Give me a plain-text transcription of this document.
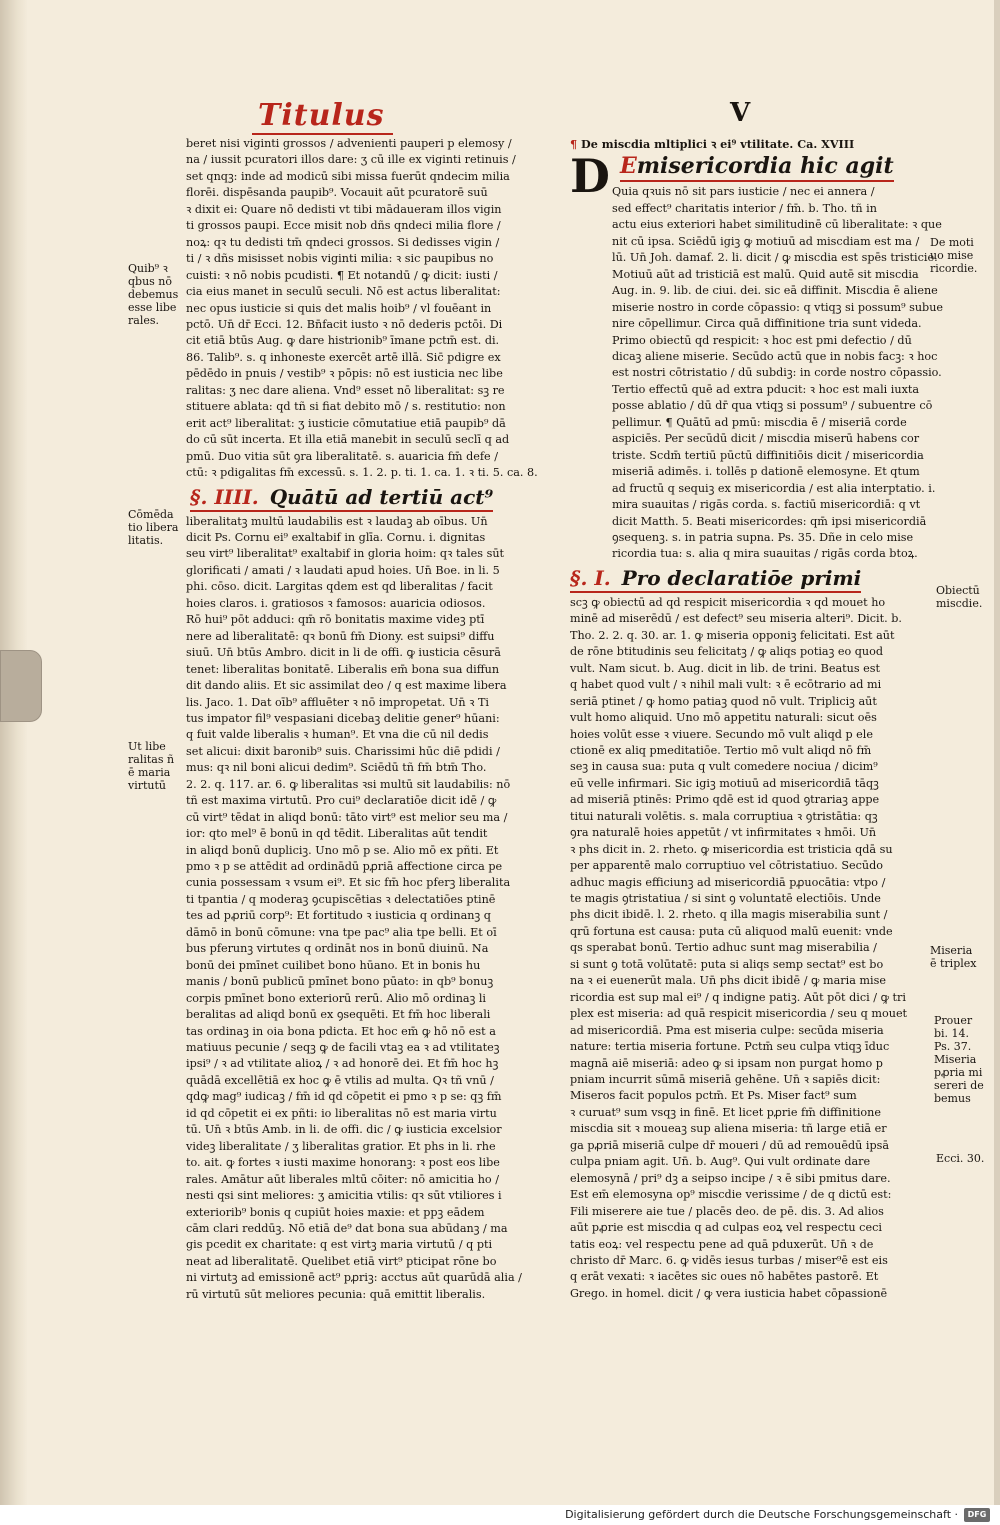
Titulus	V
beret nisi viginti grossos / advenienti pauperi p elemosy /
na / iussit pcuratori illos dare: ʒ cū ille ex viginti retinuis /
set qnqꝫ: inde ad modicū sibi missa fuerūt qndecim milia
florēi. dispēsanda paupib⁹. Vocauit aūt pcuratorē suū
ꝛ dixit ei: Quare nō dedisti vt tibi mādaueram illos vigin
ti grossos paupi. Ecce misit nob dñs qndeci milia flore /
noꝝ: qꝛ tu dedisti tm̄ qndeci grossos. Si dedisses vigin /
ti / ꝛ dñs misisset nobis viginti milia: ꝛ sic paupibus no
cuisti: ꝛ nō nobis pcudisti. ¶ Et notandū / ꝙ dicit: iusti /
cia eius manet in seculū seculi. Nō est actus liberalitat:
nec opus iusticie si quis det malis hoib⁹ / vl fouēant in
pctō. Un̄ dr̄ Ecci. 12. Bn̄facit iusto ꝛ nō dederis pctōi. Di
cit etiā btūs Aug. ꝙ dare histrionib⁹ īmane pctm̄ est. di.
86. Talib⁹. s. q inhoneste exercēt artē illā. Sic̄ pdigre ex
pēdēdo in pnuis / vestib⁹ ꝛ pōpis: nō est iusticia nec libe
ralitas: ʒ nec dare aliena. Vnd⁹ esset nō liberalitat: sꝫ re
stituere ablata: qd tñ si fiat debito mō / s. restitutio: non
erit act⁹ liberalitat: ʒ iusticie cōmutatiue etiā paupib⁹ dā
do cū sūt incerta. Et illa etiā manebit in seculū seclī q ad
pmū. Duo vitia sūt ꝯra liberalitatē. s. auaricia fm̄ defe /
ctū: ꝛ pdigalitas fm̄ excessū. s. 1. 2. p. ti. 1. ca. 1. ꝛ ti. 5. ca. 8.
§. IIII. Quātū ad tertiū act⁹
liberalitatꝫ multū laudabilis est ꝛ laudaꝫ ab oībus. Un̄
dicit Ps. Cornu ei⁹ exaltabif in glīa. Cornu. i. dignitas
seu virt⁹ liberalitat⁹ exaltabif in gloria hoim: qꝛ tales sūt
glorificati / amati / ꝛ laudati apud hoies. Un̄ Boe. in li. 5
phi. cōso. dicit. Largitas qdem est qd liberalitas / facit
hoies claros. i. gratiosos ꝛ famosos: auaricia odiosos.
Rō hui⁹ pōt adduci: qm̄ rō bonitatis maxime videꝫ ptī
nere ad liberalitatē: qꝛ bonū fm̄ Diony. est suipsi⁹ diffu
siuū. Un̄ btūs Ambro. dicit in li de offi. ꝙ iusticia cēsurā
tenet: liberalitas bonitatē. Liberalis em̄ bona sua diffun
dit dando aliis. Et sic assimilat deo / q est maxime libera
lis. Jaco. 1. Dat oīb⁹ affluēter ꝛ nō impropetat. Un̄ ꝛ Ti
tus impator fil⁹ vespasiani dicebaꝫ delitie gener⁹ hūani:
q fuit valde liberalis ꝛ human⁹. Et vna die cū nil dedis
set alicui: dixit baronib⁹ suis. Charissimi hūc diē pdidi /
mus: qꝛ nil boni alicui dedim⁹. Sciēdū tñ fm̄ btm̄ Tho.
2. 2. q. 117. ar. 6. ꝙ liberalitas ꝛsi multū sit laudabilis: nō
tñ est maxima virtutū. Pro cui⁹ declaratiōe dicit idē / ꝙ
cū virt⁹ tēdat in aliqd bonū: tāto virt⁹ est melior seu ma /
ior: qto mel⁹ ē bonū in qd tēdit. Liberalitas aūt tendit
in aliqd bonū dupliciꝫ. Uno mō p se. Alio mō ex pñti. Et
pmo ꝛ p se attēdit ad ordinādū pꝓriā affectione circa pe
cunia possessam ꝛ vsum ei⁹. Et sic fm̄ hoc pferꝫ liberalita
ti tpantia / q moderaꝫ ꝯcupiscētias ꝛ delectatiōes ptinē
tes ad pꝓriū corp⁹: Et fortitudo ꝛ iusticia q ordinanꝫ q
dāmō in bonū cōmune: vna tpe pac⁹ alia tpe belli. Et oī
bus pferunꝫ virtutes q ordināt nos in bonū diuinū. Na
bonū dei pmīnet cuilibet bono hūano. Et in bonis hu
manis / bonū publicū pmīnet bono pūato: in qb⁹ bonuꝫ
corpis pmīnet bono exteriorū rerū. Alio mō ordinaꝫ li
beralitas ad aliqd bonū ex ꝯsequēti. Et fm̄ hoc liberali
tas ordinaꝫ in oia bona pdicta. Et hoc em̄ ꝙ hō nō est a
matiuus pecunie / seqꝫ ꝙ de facili vtaꝫ ea ꝛ ad vtilitateꝫ
ipsi⁹ / ꝛ ad vtilitate alioꝝ / ꝛ ad honorē dei. Et fm̄ hoc hꝫ
quādā excellētiā ex hoc ꝙ ē vtilis ad multa. Qꝛ tñ vnū /
qdꝙ mag⁹ iudicaꝫ / fm̄ id qd cōpetit ei pmo ꝛ p se: qꝫ fm̄
id qd cōpetit ei ex pñti: io liberalitas nō est maria virtu
tū. Un̄ ꝛ btūs Amb. in li. de offi. dic / ꝙ iusticia excelsior
videꝫ liberalitate / ʒ liberalitas gratior. Et phs in li. rhe
to. ait. ꝙ fortes ꝛ iusti maxime honoranꝫ: ꝛ post eos libe
rales. Amātur aūt liberales mltū cōiter: nō amicitia ho /
nesti qsi sint meliores: ʒ amicitia vtilis: qꝛ sūt vtiliores i
exteriorib⁹ bonis q cupiūt hoies maxie: et ppꝫ eādem
cām clari reddūꝫ. Nō etiā de⁹ dat bona sua abūdanꝫ / ma
gis pcedit ex charitate: q est virtꝫ maria virtutū / q pti
neat ad liberalitatē. Quelibet etiā virt⁹ pticipat rōne bo
ni virtutꝫ ad emissionē act⁹ pꝓriꝫ: acctus aūt quarūdā alia /
rū virtutū sūt meliores pecunia: quā emittit liberalis.
¶ De miscdia mltiplici ꝛ ei⁹ vtilitate. Ca. XVIII
D Emisericordia hic agit
Quia qꝛuis nō sit pars iusticie / nec ei annera /
sed effect⁹ charitatis interior / fm̄. b. Tho. tñ in
actu eius exteriori habet similitudinē cū liberalitate: ꝛ que
nit cū ipsa. Sciēdū igiꝫ ꝙ motiuū ad miscdiam est ma /
lū. Un̄ Joh. damaf. 2. li. dicit / ꝙ miscdia est spēs tristicie.
Motiuū aūt ad tristiciā est malū. Quid autē sit miscdia
Aug. in. 9. lib. de ciui. dei. sic eā diffinit. Miscdia ē aliene
miserie nostro in corde cōpassio: q vtiqꝫ si possum⁹ subue
nire cōpellimur. Circa quā diffinitione tria sunt videda.
Primo obiectū qd respicit: ꝛ hoc est pmi defectio / dū
dicaꝫ aliene miserie. Secūdo actū que in nobis facꝫ: ꝛ hoc
est nostri cōtristatio / dū subdiꝫ: in corde nostro cōpassio.
Tertio effectū quē ad extra pducit: ꝛ hoc est mali iuxta
posse ablatio / dū dr̄ qua vtiqꝫ si possum⁹ / subuentre cō
pellimur. ¶ Quātū ad pmū: miscdia ē / miseriā corde
aspiciēs. Per secūdū dicit / miscdia miserū habens cor
triste. Scdm̄ tertiū pūctū diffinitiōis dicit / misericordia
miseriā adimēs. i. tollēs p dationē elemosyne. Et qtum
ad fructū q sequiꝫ ex misericordia / est alia interptatio. i.
mira suauitas / rigās corda. s. factiū misericordiā: q vt
dicit Matth. 5. Beati misericordes: qm̄ ipsi misericordiā
ꝯsequenꝫ. s. in patria supna. Ps. 35. Dñe in celo mise
ricordia tua: s. alia q mira suauitas / rigās corda btoꝝ.
§. I. Pro declaratiōe primi
scꝫ ꝙ obiectū ad qd respicit misericordia ꝛ qd mouet ho
minē ad miserēdū / est defect⁹ seu miseria alteri⁹. Dicit. b.
Tho. 2. 2. q. 30. ar. 1. ꝙ miseria opponiꝫ felicitati. Est aūt
de rōne btitudinis seu felicitatꝫ / ꝙ aliqs potiaꝫ eo quod
vult. Nam sicut. b. Aug. dicit in lib. de trini. Beatus est
q habet quod vult / ꝛ nihil mali vult: ꝛ ē ecōtrario ad mi
seriā ptinet / ꝙ homo patiaꝫ quod nō vult. Tripliciꝫ aūt
vult homo aliquid. Uno mō appetitu naturali: sicut oēs
hoies volūt esse ꝛ viuere. Secundo mō vult aliqd p ele
ctionē ex aliq pmeditatiōe. Tertio mō vult aliqd nō fm̄
seꝫ in causa sua: puta q vult comedere nociua / dicim⁹
eū velle infirmari. Sic igiꝫ motiuū ad misericordiā tāqꝫ
ad miseriā ptinēs: Primo qdē est id quod ꝯtrariaꝫ appe
titui naturali volētis. s. mala corruptiua ꝛ ꝯtristātia: qꝫ
ꝯra naturalē hoies appetūt / vt infirmitates ꝛ hmōi. Un̄
ꝛ phs dicit in. 2. rheto. ꝙ misericordia est tristicia qdā su
per apparentē malo corruptiuo vel cōtristatiuo. Secūdo
adhuc magis efficiunꝫ ad misericordiā pꝓuocātia: vtpo /
te magis ꝯtristatiua / si sint ꝯ voluntatē electiōis. Unde
phs dicit ibidē. l. 2. rheto. q illa magis miserabilia sunt /
qrū fortuna est causa: puta cū aliquod malū euenit: vnde
qs sperabat bonū. Tertio adhuc sunt mag miserabilia /
si sunt ꝯ totā volūtatē: puta si aliqs semp sectat⁹ est bo
na ꝛ ei euenerūt mala. Un̄ phs dicit ibidē / ꝙ maria mise
ricordia est sup mal ei⁹ / q indigne patiꝫ. Aūt pōt dici / ꝙ tri
plex est miseria: ad quā respicit misericordia / seu q mouet
ad misericordiā. Pma est miseria culpe: secūda miseria
nature: tertia miseria fortune. Pctm̄ seu culpa vtiqꝫ īduc
magnā aiē miseriā: adeo ꝙ si ipsam non purgat homo p
pniam incurrit sūmā miseriā gehēne. Un̄ ꝛ sapiēs dicit:
Miseros facit populos pctm̄. Et Ps. Miser fact⁹ sum
ꝛ curuat⁹ sum vsqꝫ in finē. Et licet pꝓrie fm̄ diffinitione
miscdia sit ꝛ moueaꝫ sup aliena miseria: tñ large etiā er
ga pꝓriā miseriā culpe dr̄ moueri / dū ad remouēdū ipsā
culpa pniam agit. Un̄. b. Aug⁹. Qui vult ordinate dare
elemosynā / pri⁹ dꝫ a seipso incipe / ꝛ ē sibi pmitus dare.
Est em̄ elemosyna op⁹ miscdie verissime / de q dictū est:
Fili miserere aie tue / placēs deo. de pē. dis. 3. Ad alios
aūt pꝓrie est miscdia q ad culpas eoꝝ vel respectu ceci
tatis eoꝝ: vel respectu pene ad quā pduxerūt. Un̄ ꝛ de
christo dr̄ Marc. 6. ꝙ vidēs iesus turbas / miser⁹ē est eis
q erāt vexati: ꝛ iacētes sic oues nō habētes pastorē. Et
Grego. in homel. dicit / ꝙ vera iusticia habet cōpassionē
Quib⁹ ꝛ
qbus nō
debemus
esse libe
rales.
Cōmēda
tio libera
litatis.
Ut libe
ralitas ñ
ē maria
virtutū
De moti
uo mise
ricordie.
Obiectū
miscdie.
Miseria
ē triplex
Prouer
bi. 14.
Ps. 37.
Miseria
pꝓria mi
sereri de
bemus
Ecci. 30.
Digitalisierung gefördert durch die Deutsche Forschungsgemeinschaft ·	DFG
